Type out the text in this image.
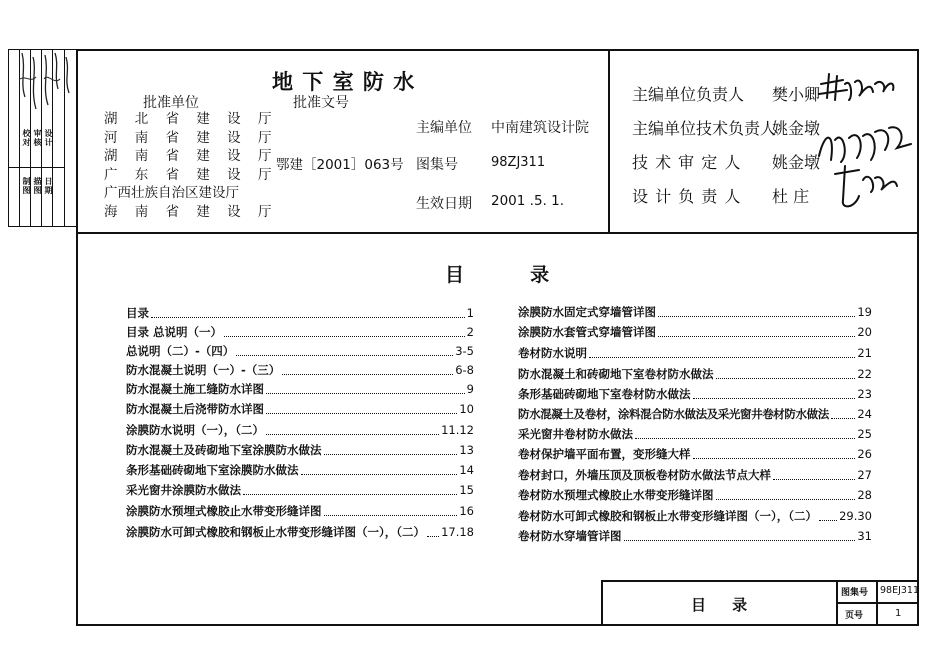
校对 审核 设计
制图 描图 日期
地 下 室 防 水
批准单位	批准文号
湖 北 省 建 设 厅
河 南 省 建 设 厅
湖 南 省 建 设 厅
广 东 省 建 设 厅
广西壮族自治区建设厅
海 南 省 建 设 厅
鄂建［2001］063号
主编单位 中南建筑设计院
图集号	98ZJ311
生效日期 2001 .5. 1.
主编单位负责人 樊小卿
主编单位技术负责人
姚金墩
技 术 审 定 人 姚金墩
设 计 负 责 人 杜 庄
目          录
目录	1
目录 总说明（一）	2
总说明（二）-（四）	3-5
防水混凝土说明（一）-（三）	6-8
防水混凝土施工缝防水详图	9
防水混凝土后浇带防水详图	10
涂膜防水说明（一），（二）	11.12
防水混凝土及砖砌地下室涂膜防水做法	13
条形基础砖砌地下室涂膜防水做法	14
采光窗井涂膜防水做法	15
涂膜防水预埋式橡胶止水带变形缝详图	16
涂膜防水可卸式橡胶和钢板止水带变形缝详图（一），（二） 17.18
涂膜防水固定式穿墙管详图	19
涂膜防水套管式穿墙管详图	20
卷材防水说明	21
防水混凝土和砖砌地下室卷材防水做法	22
条形基础砖砌地下室卷材防水做法	23
防水混凝土及卷材，涂料混合防水做法及采光窗井卷材防水做法 24
采光窗井卷材防水做法	25
卷材保护墙平面布置，变形缝大样	26
卷材封口，外墙压顶及顶板卷材防水做法节点大样	27
卷材防水预埋式橡胶止水带变形缝详图	28
卷材防水可卸式橡胶和钢板止水带变形缝详图（一），（二） 29.30
卷材防水穿墙管详图	31
目     录
图集号 98EJ311
页号	1
